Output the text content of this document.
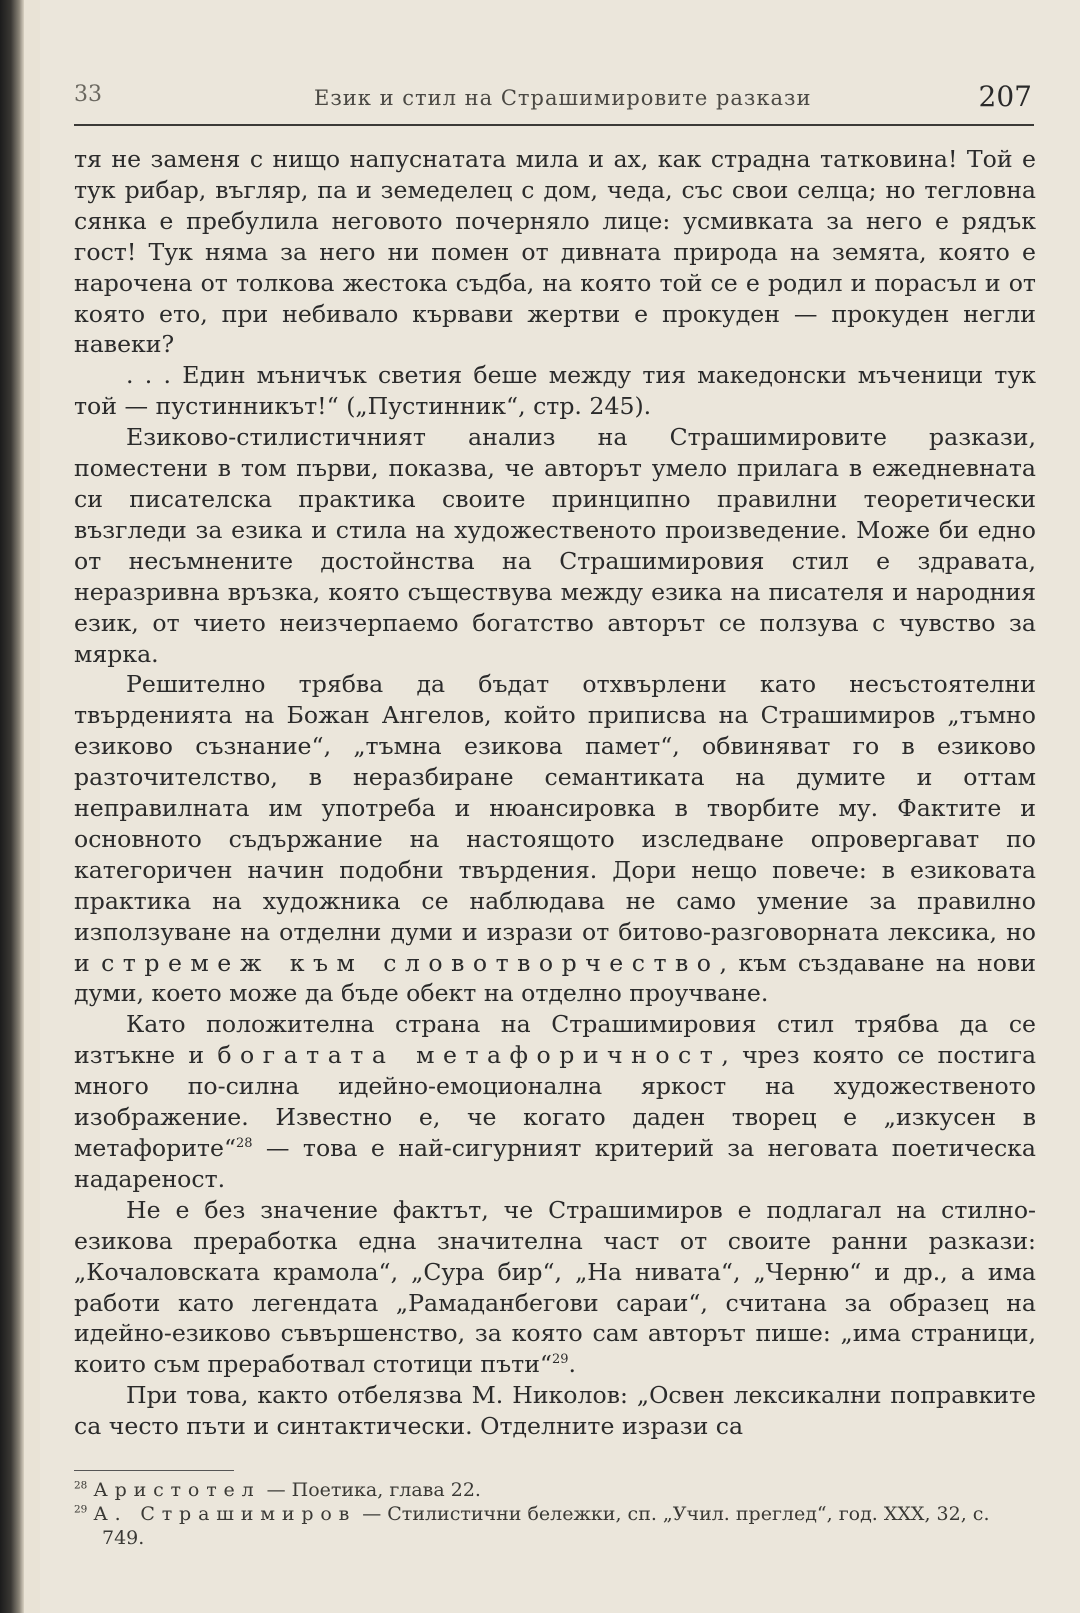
33	Език и стил на Страшимировите разкази	207

тя не заменя с нищо напуснатата мила и ах, как страдна татковина! Той е тук рибар, въгляр, па и земеделец с дом, чеда, със свои селца; но тегловна сянка е пребулила неговото почерняло лице: усмивката за него е рядък гост! Тук няма за него ни помен от дивната природа на земята, която е нарочена от толкова жестока съдба, на която той се е родил и порасъл и от която ето, при небивало кървави жертви е прокуден — прокуден негли навеки?

. . . Един мъничък светия беше между тия македонски мъченици тук той — пустинникът!“ („Пустинник“, стр. 245).

Езиково-стилистичният анализ на Страшимировите разкази, поместени в том първи, показва, че авторът умело прилага в ежедневната си писателска практика своите принципно правилни теоретически възгледи за езика и стила на художественото произведение. Може би едно от несъмнените достойнства на Страшимировия стил е здравата, неразривна връзка, която съществува между езика на писателя и народния език, от чието неизчерпаемо богатство авторът се ползува с чувство за мярка.

Решително трябва да бъдат отхвърлени като несъстоятелни твърденията на Божан Ангелов, който приписва на Страшимиров „тъмно езиково съзнание“, „тъмна езикова памет“, обвиняват го в езиково разточителство, в неразбиране семантиката на думите и оттам неправилната им употреба и нюансировка в творбите му. Фактите и основното съдържание на настоящото изследване опровергават по категоричен начин подобни твърдения. Дори нещо повече: в езиковата практика на художника се наблюдава не само умение за правилно използуване на отделни думи и изрази от битово-разговорната лексика, но и стремеж към словотворчество, към създаване на нови думи, което може да бъде обект на отделно проучване.

Като положителна страна на Страшимировия стил трябва да се изтъкне и богатата метафоричност, чрез която се постига много по-силна идейно-емоционална яркост на художественото изображение. Известно е, че когато даден творец е „изкусен в метафорите“$^{28}$ — това е най-сигурният критерий за неговата поетическа надареност.

Не е без значение фактът, че Страшимиров е подлагал на стилно-езикова преработка една значителна част от своите ранни разкази: „Кочаловската крамола“, „Сура бир“, „На нивата“, „Черню“ и др., а има работи като легендата „Рамаданбегови сараи“, считана за образец на идейно-езиково съвършенство, за която сам авторът пише: „има страници, които съм преработвал стотици пъти“$^{29}$.

При това, както отбелязва М. Николов: „Освен лексикални поправките са често пъти и синтактически. Отделните изрази са

$^{28}$ Аристотел — Поетика, глава 22.

$^{29}$ А. Страшимиров — Стилистични бележки, сп. „Учил. преглед“, год. XXX, 32, с. 749.
